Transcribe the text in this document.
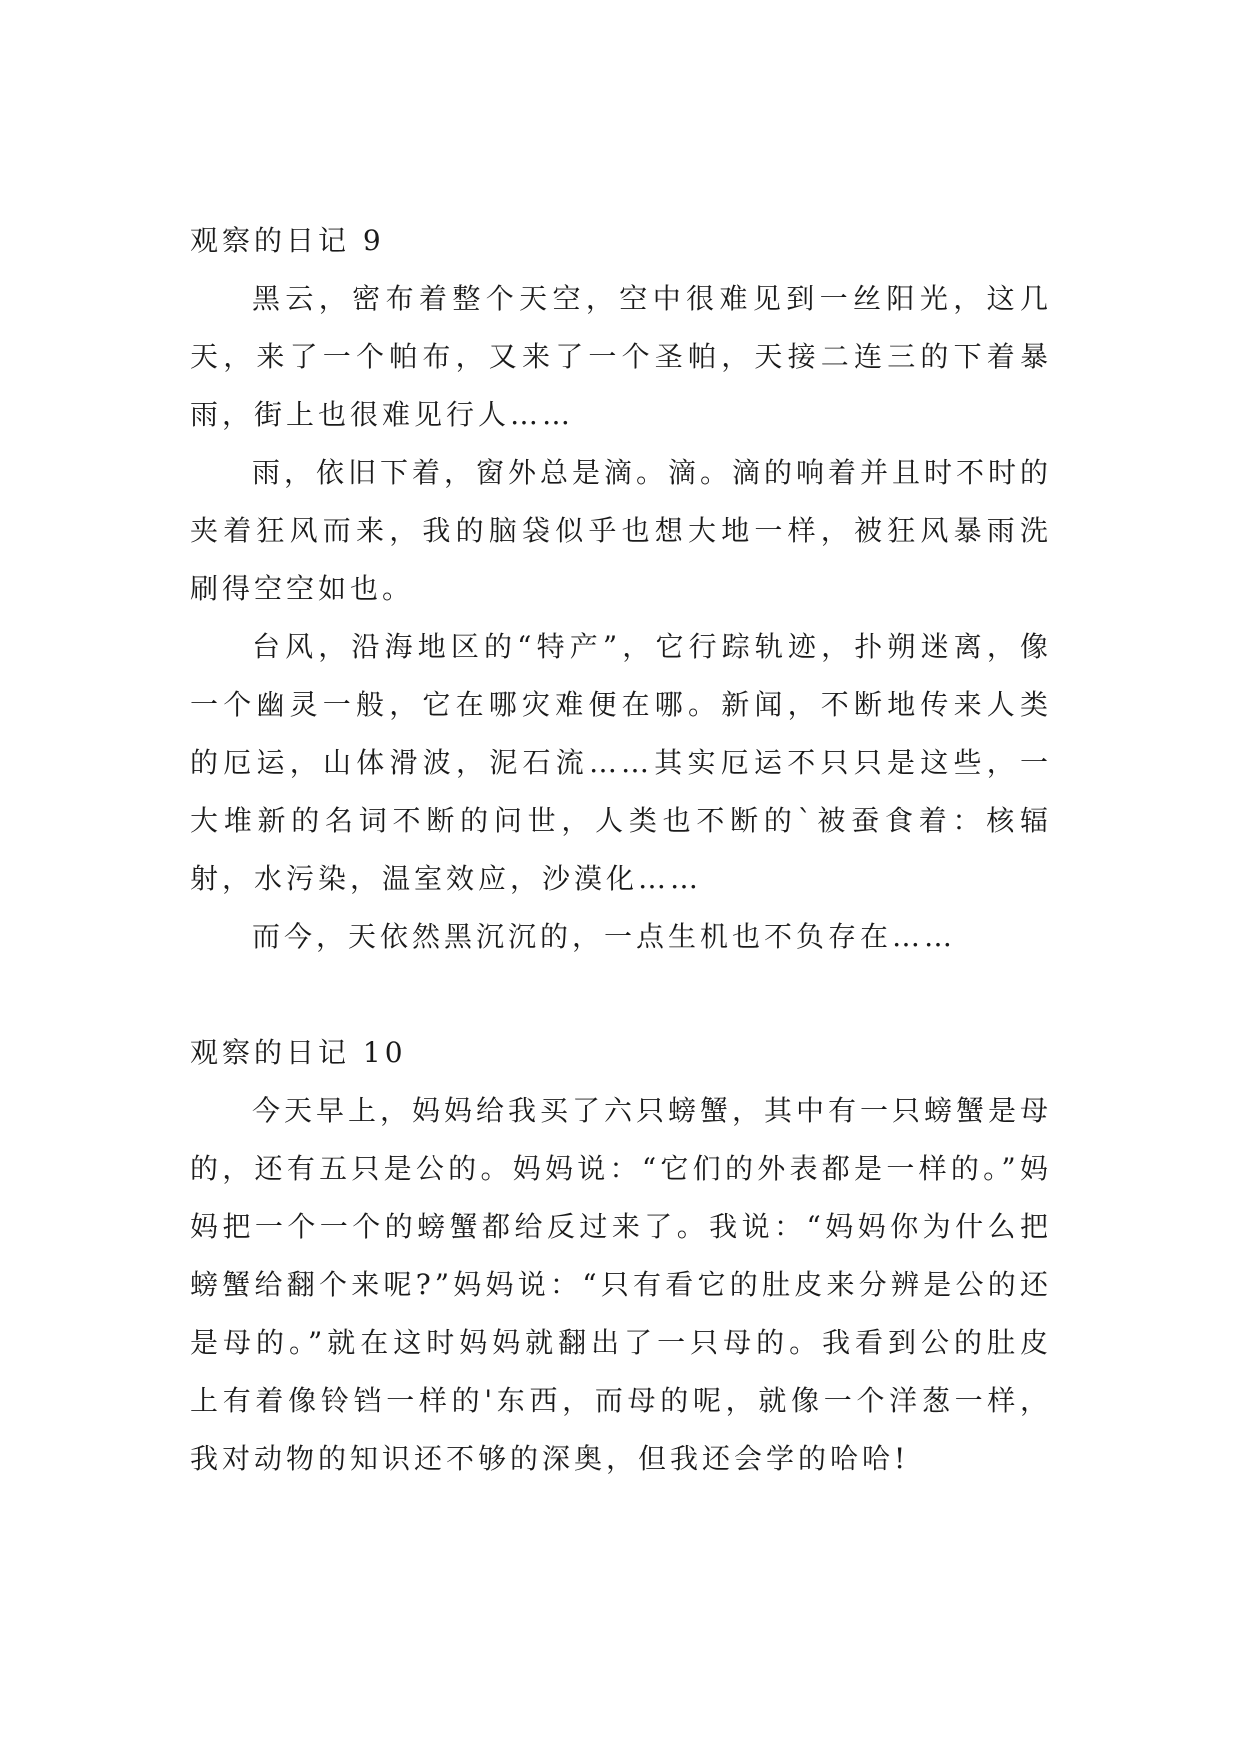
观察的日记 9

黑云，密布着整个天空，空中很难见到一丝阳光，这几天，来了一个帕布，又来了一个圣帕，天接二连三的下着暴雨，街上也很难见行人……

雨，依旧下着，窗外总是滴。滴。滴的响着并且时不时的夹着狂风而来，我的脑袋似乎也想大地一样，被狂风暴雨洗刷得空空如也。

台风，沿海地区的“特产”，它行踪轨迹，扑朔迷离，像一个幽灵一般，它在哪灾难便在哪。新闻，不断地传来人类的厄运，山体滑波，泥石流……其实厄运不只只是这些，一大堆新的名词不断的问世，人类也不断的`被蚕食着：核辐射，水污染，温室效应，沙漠化……

而今，天依然黑沉沉的，一点生机也不负存在……

观察的日记 10

今天早上，妈妈给我买了六只螃蟹，其中有一只螃蟹是母的，还有五只是公的。妈妈说：“它们的外表都是一样的。”妈妈把一个一个的螃蟹都给反过来了。我说：“妈妈你为什么把螃蟹给翻个来呢?”妈妈说：“只有看它的肚皮来分辨是公的还是母的。”就在这时妈妈就翻出了一只母的。我看到公的肚皮上有着像铃铛一样的'东西，而母的呢，就像一个洋葱一样，我对动物的知识还不够的深奥，但我还会学的哈哈!
